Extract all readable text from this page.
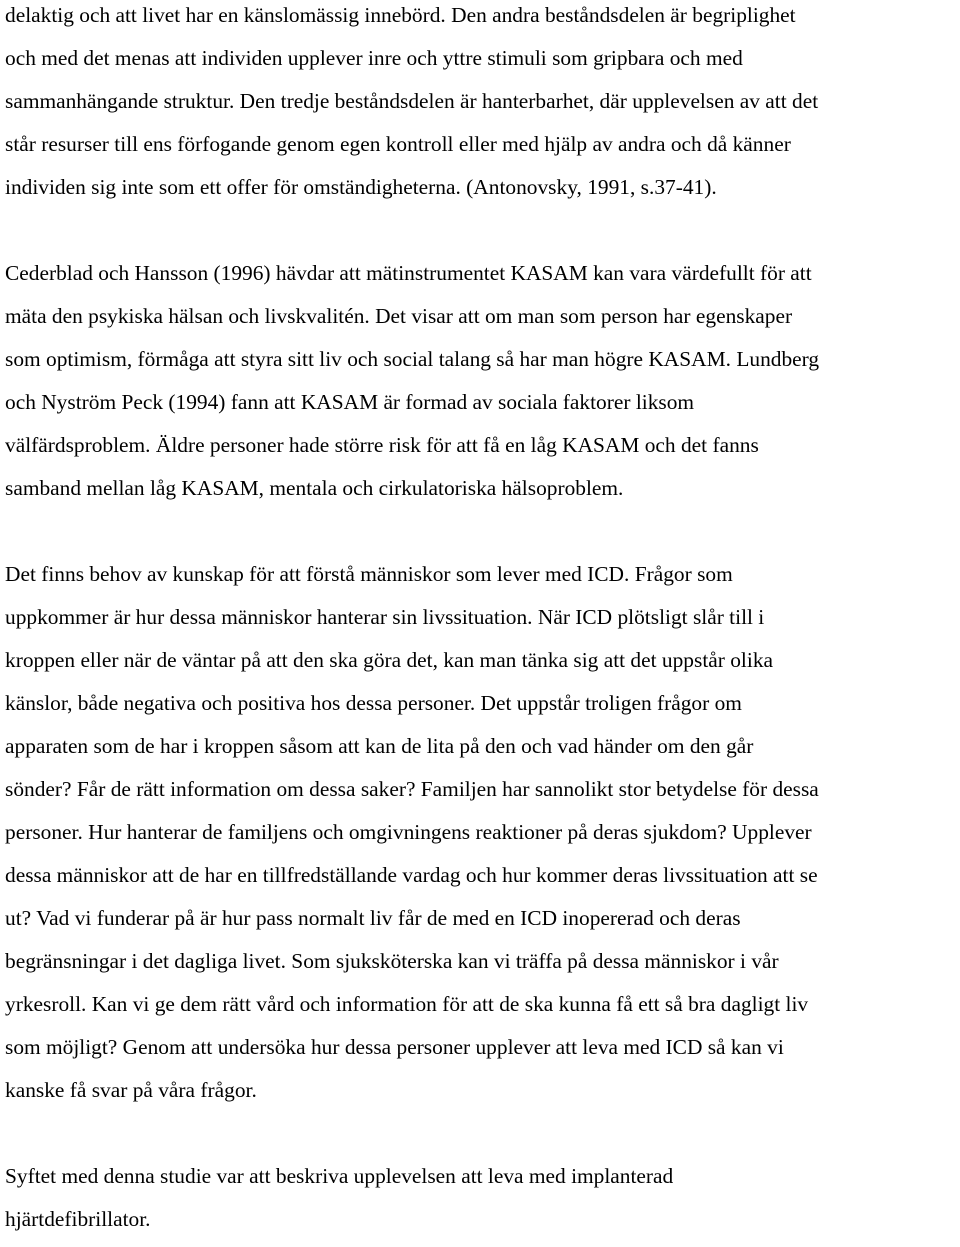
delaktig och att livet har en känslomässig innebörd. Den andra beståndsdelen är begriplighet
och med det menas att individen upplever inre och yttre stimuli som gripbara och med
sammanhängande struktur. Den tredje beståndsdelen är hanterbarhet, där upplevelsen av att det
står resurser till ens förfogande genom egen kontroll eller med hjälp av andra och då känner
individen sig inte som ett offer för omständigheterna. (Antonovsky, 1991, s.37-41).

Cederblad och Hansson (1996) hävdar att mätinstrumentet KASAM kan vara värdefullt för att
mäta den psykiska hälsan och livskvalitén. Det visar att om man som person har egenskaper
som optimism, förmåga att styra sitt liv och social talang så har man högre KASAM. Lundberg
och Nyström Peck (1994) fann att KASAM är formad av sociala faktorer liksom
välfärdsproblem. Äldre personer hade större risk för att få en låg KASAM och det fanns
samband mellan låg KASAM, mentala och cirkulatoriska hälsoproblem.

Det finns behov av kunskap för att förstå människor som lever med ICD. Frågor som
uppkommer är hur dessa människor hanterar sin livssituation. När ICD plötsligt slår till i
kroppen eller när de väntar på att den ska göra det, kan man tänka sig att det uppstår olika
känslor, både negativa och positiva hos dessa personer. Det uppstår troligen frågor om
apparaten som de har i kroppen såsom att kan de lita på den och vad händer om den går
sönder? Får de rätt information om dessa saker? Familjen har sannolikt stor betydelse för dessa
personer. Hur hanterar de familjens och omgivningens reaktioner på deras sjukdom? Upplever
dessa människor att de har en tillfredställande vardag och hur kommer deras livssituation att se
ut? Vad vi funderar på är hur pass normalt liv får de med en ICD inopererad och deras
begränsningar i det dagliga livet. Som sjuksköterska kan vi träffa på dessa människor i vår
yrkesroll. Kan vi ge dem rätt vård och information för att de ska kunna få ett så bra dagligt liv
som möjligt? Genom att undersöka hur dessa personer upplever att leva med ICD så kan vi
kanske få svar på våra frågor.

Syftet med denna studie var att beskriva upplevelsen att leva med implanterad
hjärtdefibrillator.
